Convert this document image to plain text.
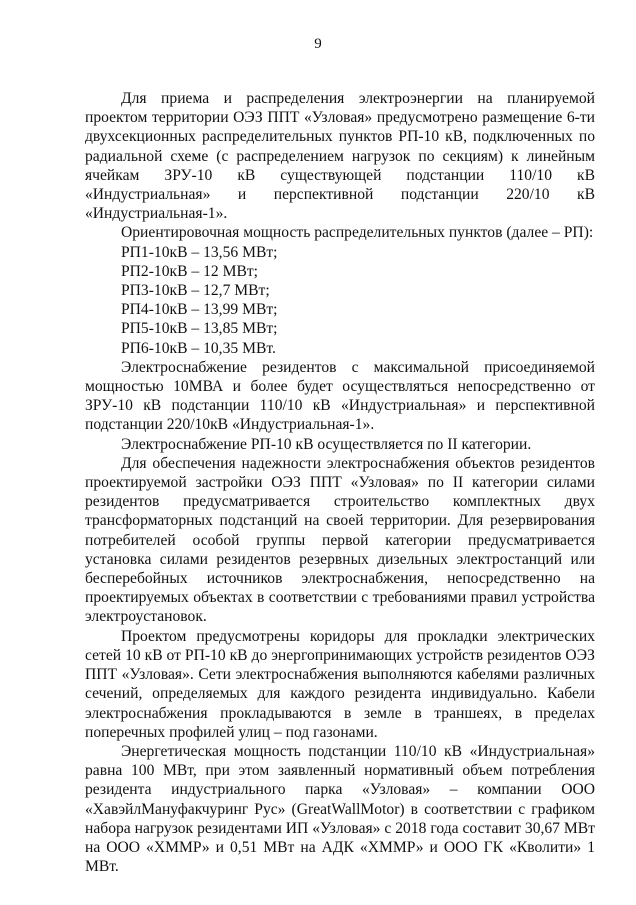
9

Для приема и распределения электроэнергии на планируемой проектом территории ОЭЗ ППТ «Узловая» предусмотрено размещение 6-ти двухсекционных распределительных пунктов РП-10 кВ, подключенных по радиальной схеме (с распределением нагрузок по секциям) к линейным ячейкам ЗРУ-10 кВ существующей подстанции 110/10 кВ «Индустриальная» и перспективной подстанции 220/10 кВ «Индустриальная-1».

Ориентировочная мощность распределительных пунктов (далее – РП):

РП1-10кВ – 13,56 МВт;

РП2-10кВ – 12 МВт;

РП3-10кВ – 12,7 МВт;

РП4-10кВ – 13,99 МВт;

РП5-10кВ – 13,85 МВт;

РП6-10кВ – 10,35 МВт.

Электроснабжение резидентов с максимальной присоединяемой мощностью 10МВА и более будет осуществляться непосредственно от ЗРУ-10 кВ подстанции 110/10 кВ «Индустриальная» и перспективной подстанции 220/10кВ «Индустриальная-1».

Электроснабжение РП-10 кВ осуществляется по II категории.

Для обеспечения надежности электроснабжения объектов резидентов проектируемой застройки ОЭЗ ППТ «Узловая» по II категории силами резидентов предусматривается строительство комплектных двух трансформаторных подстанций на своей территории. Для резервирования потребителей особой группы первой категории предусматривается установка силами резидентов резервных дизельных электростанций или бесперебойных источников электроснабжения, непосредственно на проектируемых объектах в соответствии с требованиями правил устройства электроустановок.

Проектом предусмотрены коридоры для прокладки электрических сетей 10 кВ от РП-10 кВ до энергопринимающих устройств резидентов ОЭЗ ППТ «Узловая». Сети электроснабжения выполняются кабелями различных сечений, определяемых для каждого резидента индивидуально. Кабели электроснабжения прокладываются в земле в траншеях, в пределах поперечных профилей улиц – под газонами.

Энергетическая мощность подстанции 110/10 кВ «Индустриальная» равна 100 МВт, при этом заявленный нормативный объем потребления резидента индустриального парка «Узловая» – компании ООО «ХавэйлМануфакчуринг Рус» (GreatWallMotor) в соответствии с графиком набора нагрузок резидентами ИП «Узловая» с 2018 года составит 30,67 МВт на ООО «ХММР» и 0,51 МВт на АДК «ХММР» и ООО ГК «Кволити» 1 МВт.
